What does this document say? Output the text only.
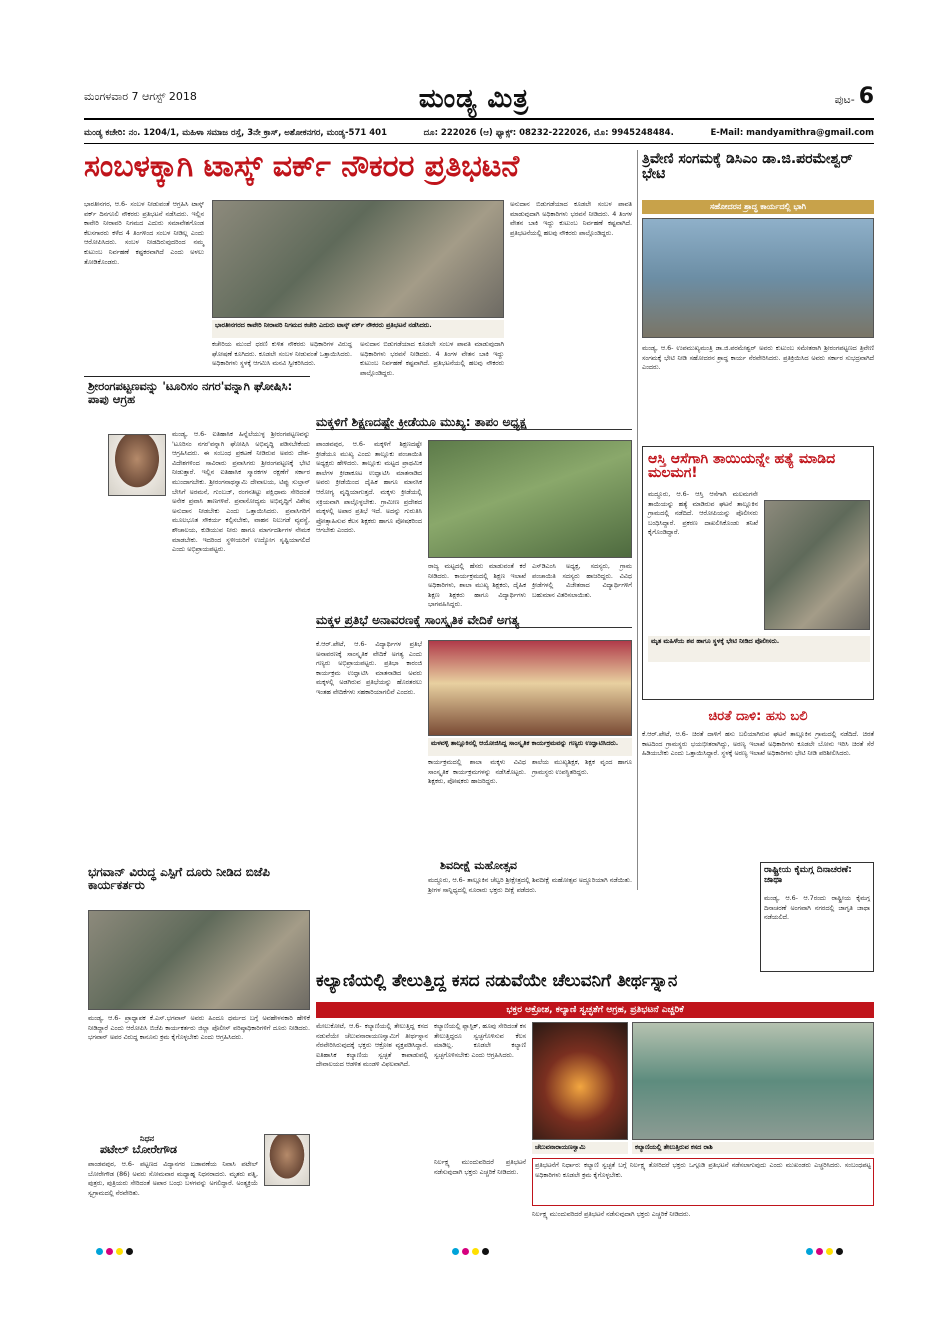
ಮಂಗಳವಾರ 7 ಆಗಸ್ಟ್ 2018	ಮಂಡ್ಯ ಮಿತ್ರ	ಪುಟ- 6
ಮಂಡ್ಯ ಕಚೇರಿ: ನಂ. 1204/1, ಮಹಿಳಾ ಸಮಾಜ ರಸ್ತೆ, 3ನೇ ಕ್ರಾಸ್, ಅಶೋಕನಗರ, ಮಂಡ್ಯ-571 401	ದೂ: 222026 (ಆ) ಫ್ಯಾಕ್ಸ್: 08232-222026, ಮೊ: 9945248484.	E-Mail: mandyamithra@gmail.com
ಸಂಬಳಕ್ಕಾಗಿ ಟಾಸ್ಕ್ ವರ್ಕ್ ನೌಕರರ ಪ್ರತಿಭಟನೆ
ಭಾರತೀನಗರ, ಆ.6- ಸಂಬಳ ನೀಡುವಂತೆ ಆಗ್ರಹಿಸಿ ಟಾಸ್ಕ್ ವರ್ಕ್ ದಿನಗೂಲಿ ನೌಕರರು ಪ್ರತಿಭಟನೆ ನಡೆಸಿದರು. ಇಲ್ಲಿನ ಕಾವೇರಿ ನೀರಾವರಿ ನಿಗಮದ ಎದುರು ಸಮಾವೇಶಗೊಂಡ ಕೆಲಸಗಾರರು ಕಳೆದ 4 ತಿಂಗಳಿಂದ ಸಂಬಳ ನೀಡಿಲ್ಲ ಎಂದು ಆರೋಪಿಸಿದರು. ಸಂಬಳ ನೀಡದಿರುವುದರಿಂದ ನಮ್ಮ ಕುಟುಂಬ ನಿರ್ವಹಣೆ ಕಷ್ಟಕರವಾಗಿದೆ ಎಂದು ಅಳಲು ತೋಡಿಕೊಂಡರು.
ಭಾರತೀನಗರದ ಕಾವೇರಿ ನೀರಾವರಿ ನಿಗಮದ ಕಚೇರಿ ಎದುರು ಟಾಸ್ಕ್ ವರ್ಕ್ ನೌಕರರು ಪ್ರತಿಭಟನೆ ನಡೆಸಿದರು.
ಕಚೇರಿಯ ಮುಂದೆ ಧರಣಿ ಕುಳಿತ ನೌಕರರು ಅಧಿಕಾರಿಗಳ ವಿರುದ್ಧ ಘೋಷಣೆ ಕೂಗಿದರು. ಕೂಡಲೇ ಸಂಬಳ ನೀಡುವಂತೆ ಒತ್ತಾಯಿಸಿದರು. ಅಧಿಕಾರಿಗಳು ಸ್ಥಳಕ್ಕೆ ಆಗಮಿಸಿ ಮನವಿ ಸ್ವೀಕರಿಸಿದರು.
ಅನುದಾನ ಬಿಡುಗಡೆಯಾದ ಕೂಡಲೇ ಸಂಬಳ ಪಾವತಿ ಮಾಡುವುದಾಗಿ ಅಧಿಕಾರಿಗಳು ಭರವಸೆ ನೀಡಿದರು. 4 ತಿಂಗಳ ವೇತನ ಬಾಕಿ ಇದ್ದು ಕುಟುಂಬ ನಿರ್ವಹಣೆ ಕಷ್ಟವಾಗಿದೆ. ಪ್ರತಿಭಟನೆಯಲ್ಲಿ ಹಲವು ನೌಕರರು ಪಾಲ್ಗೊಂಡಿದ್ದರು.
ಅನುದಾನ ಬಿಡುಗಡೆಯಾದ ಕೂಡಲೇ ಸಂಬಳ ಪಾವತಿ ಮಾಡುವುದಾಗಿ ಅಧಿಕಾರಿಗಳು ಭರವಸೆ ನೀಡಿದರು. 4 ತಿಂಗಳ ವೇತನ ಬಾಕಿ ಇದ್ದು ಕುಟುಂಬ ನಿರ್ವಹಣೆ ಕಷ್ಟವಾಗಿದೆ. ಪ್ರತಿಭಟನೆಯಲ್ಲಿ ಹಲವು ನೌಕರರು ಪಾಲ್ಗೊಂಡಿದ್ದರು.
ತ್ರಿವೇಣಿ ಸಂಗಮಕ್ಕೆ ಡಿಸಿಎಂ ಡಾ.ಜಿ.ಪರಮೇಶ್ವರ್ ಭೇಟಿ
ಸಹೋದರನ ಶ್ರಾದ್ಧ ಕಾರ್ಯದಲ್ಲಿ ಭಾಗಿ
ಮಂಡ್ಯ, ಆ.6- ಉಪಮುಖ್ಯಮಂತ್ರಿ ಡಾ.ಜಿ.ಪರಮೇಶ್ವರ್ ಅವರು ಕುಟುಂಬ ಸಮೇತರಾಗಿ ಶ್ರೀರಂಗಪಟ್ಟಣದ ತ್ರಿವೇಣಿ ಸಂಗಮಕ್ಕೆ ಭೇಟಿ ನೀಡಿ ಸಹೋದರನ ಶ್ರಾದ್ಧ ಕಾರ್ಯ ನೆರವೇರಿಸಿದರು. ಪ್ರತಿಕ್ರಿಯಿಸಿದ ಅವರು ಸರ್ಕಾರ ಸುಭದ್ರವಾಗಿದೆ ಎಂದರು.
ಶ್ರೀರಂಗಪಟ್ಟಣವನ್ನು 'ಟೂರಿಸಂ ನಗರ'ವನ್ನಾಗಿ ಘೋಷಿಸಿ: ಪಾಪು ಆಗ್ರಹ
ಮಂಡ್ಯ, ಆ.6- ಐತಿಹಾಸಿಕ ಹಿನ್ನೆಲೆಯುಳ್ಳ ಶ್ರೀರಂಗಪಟ್ಟಣವನ್ನು 'ಟೂರಿಸಂ ನಗರ'ವನ್ನಾಗಿ ಘೋಷಿಸಿ ಅಭಿವೃದ್ಧಿ ಪಡಿಸಬೇಕೆಂದು ಆಗ್ರಹಿಸಿದರು. ಈ ಸಂಬಂಧ ಪ್ರಕಟಣೆ ನೀಡಿರುವ ಅವರು ದೇಶ-ವಿದೇಶಗಳಿಂದ ಸಾವಿರಾರು ಪ್ರವಾಸಿಗರು ಶ್ರೀರಂಗಪಟ್ಟಣಕ್ಕೆ ಭೇಟಿ ನೀಡುತ್ತಾರೆ. ಇಲ್ಲಿನ ಐತಿಹಾಸಿಕ ಸ್ಮಾರಕಗಳ ರಕ್ಷಣೆಗೆ ಸರ್ಕಾರ ಮುಂದಾಗಬೇಕು. ಶ್ರೀರಂಗನಾಥಸ್ವಾಮಿ ದೇವಾಲಯ, ಟಿಪ್ಪು ಸುಲ್ತಾನ್ ಬೇಸಿಗೆ ಅರಮನೆ, ಗುಂಬಜ್, ರಂಗನತಿಟ್ಟು ಪಕ್ಷಿಧಾಮ ಸೇರಿದಂತೆ ಅನೇಕ ಪ್ರವಾಸಿ ತಾಣಗಳಿವೆ. ಪ್ರವಾಸೋದ್ಯಮ ಅಭಿವೃದ್ಧಿಗೆ ವಿಶೇಷ ಅನುದಾನ ನೀಡಬೇಕು ಎಂದು ಒತ್ತಾಯಿಸಿದರು. ಪ್ರವಾಸಿಗರಿಗೆ ಮೂಲಭೂತ ಸೌಕರ್ಯ ಕಲ್ಪಿಸಬೇಕು, ವಾಹನ ನಿಲುಗಡೆ ವ್ಯವಸ್ಥೆ, ಶೌಚಾಲಯ, ಕುಡಿಯುವ ನೀರು ಹಾಗೂ ಮಾರ್ಗದರ್ಶಿಗಳ ನೇಮಕ ಮಾಡಬೇಕು. ಇದರಿಂದ ಸ್ಥಳೀಯರಿಗೆ ಉದ್ಯೋಗ ಸೃಷ್ಟಿಯಾಗಲಿದೆ ಎಂದು ಅಭಿಪ್ರಾಯಪಟ್ಟರು.
ಮಕ್ಕಳಿಗೆ ಶಿಕ್ಷಣದಷ್ಟೇ ಕ್ರೀಡೆಯೂ ಮುಖ್ಯ: ತಾಪಂ ಅಧ್ಯಕ್ಷ
ಪಾಂಡವಪುರ, ಆ.6- ಮಕ್ಕಳಿಗೆ ಶಿಕ್ಷಣದಷ್ಟೇ ಕ್ರೀಡೆಯೂ ಮುಖ್ಯ ಎಂದು ತಾಲ್ಲೂಕು ಪಂಚಾಯಿತಿ ಅಧ್ಯಕ್ಷರು ಹೇಳಿದರು. ತಾಲ್ಲೂಕು ಮಟ್ಟದ ಪ್ರಾಥಮಿಕ ಶಾಲೆಗಳ ಕ್ರೀಡಾಕೂಟ ಉದ್ಘಾಟಿಸಿ ಮಾತನಾಡಿದ ಅವರು ಕ್ರೀಡೆಯಿಂದ ದೈಹಿಕ ಹಾಗೂ ಮಾನಸಿಕ ಆರೋಗ್ಯ ವೃದ್ಧಿಯಾಗುತ್ತದೆ. ಮಕ್ಕಳು ಕ್ರೀಡೆಯಲ್ಲಿ ಸಕ್ರಿಯವಾಗಿ ಪಾಲ್ಗೊಳ್ಳಬೇಕು. ಗ್ರಾಮೀಣ ಪ್ರದೇಶದ ಮಕ್ಕಳಲ್ಲಿ ಅಪಾರ ಪ್ರತಿಭೆ ಇದೆ. ಅದನ್ನು ಗುರುತಿಸಿ ಪ್ರೋತ್ಸಾಹಿಸುವ ಕೆಲಸ ಶಿಕ್ಷಕರು ಹಾಗೂ ಪೋಷಕರಿಂದ ಆಗಬೇಕು ಎಂದರು.
ರಾಜ್ಯ ಮಟ್ಟದಲ್ಲಿ ಹೆಸರು ಮಾಡುವಂತೆ ಕರೆ ನೀಡಿದರು. ಕಾರ್ಯಕ್ರಮದಲ್ಲಿ ಶಿಕ್ಷಣ ಇಲಾಖೆ ಅಧಿಕಾರಿಗಳು, ಶಾಲಾ ಮುಖ್ಯ ಶಿಕ್ಷಕರು, ದೈಹಿಕ ಶಿಕ್ಷಣ ಶಿಕ್ಷಕರು ಹಾಗೂ ವಿದ್ಯಾರ್ಥಿಗಳು ಭಾಗವಹಿಸಿದ್ದರು.
ಎಸ್‌ಡಿಎಂಸಿ ಅಧ್ಯಕ್ಷ, ಸದಸ್ಯರು, ಗ್ರಾಮ ಪಂಚಾಯಿತಿ ಸದಸ್ಯರು ಹಾಜರಿದ್ದರು. ವಿವಿಧ ಕ್ರೀಡೆಗಳಲ್ಲಿ ವಿಜೇತರಾದ ವಿದ್ಯಾರ್ಥಿಗಳಿಗೆ ಬಹುಮಾನ ವಿತರಿಸಲಾಯಿತು.
ಆಸ್ತಿ ಆಸೆಗಾಗಿ ತಾಯಿಯನ್ನೇ ಹತ್ಯೆ ಮಾಡಿದ ಮಲಮಗ!
ಮದ್ದೂರು, ಆ.6- ಆಸ್ತಿ ಆಸೆಗಾಗಿ ಮಲಮಗನೇ ತಾಯಿಯನ್ನು ಹತ್ಯೆ ಮಾಡಿರುವ ಘಟನೆ ತಾಲ್ಲೂಕಿನ ಗ್ರಾಮದಲ್ಲಿ ನಡೆದಿದೆ. ಆರೋಪಿಯನ್ನು ಪೊಲೀಸರು ಬಂಧಿಸಿದ್ದಾರೆ. ಪ್ರಕರಣ ದಾಖಲಿಸಿಕೊಂಡು ತನಿಖೆ ಕೈಗೊಂಡಿದ್ದಾರೆ.
ಮೃತ ಮಹಿಳೆಯ ಶವ ಹಾಗೂ ಸ್ಥಳಕ್ಕೆ ಭೇಟಿ ನೀಡಿದ ಪೊಲೀಸರು.
ಮಕ್ಕಳ ಪ್ರತಿಭೆ ಅನಾವರಣಕ್ಕೆ ಸಾಂಸ್ಕೃತಿಕ ವೇದಿಕೆ ಅಗತ್ಯ
ಕೆ.ಆರ್.ಪೇಟೆ, ಆ.6- ವಿದ್ಯಾರ್ಥಿಗಳ ಪ್ರತಿಭೆ ಅನಾವರಣಕ್ಕೆ ಸಾಂಸ್ಕೃತಿಕ ವೇದಿಕೆ ಅಗತ್ಯ ಎಂದು ಗಣ್ಯರು ಅಭಿಪ್ರಾಯಪಟ್ಟರು. ಪ್ರತಿಭಾ ಕಾರಂಜಿ ಕಾರ್ಯಕ್ರಮ ಉದ್ಘಾಟಿಸಿ ಮಾತನಾಡಿದ ಅವರು ಮಕ್ಕಳಲ್ಲಿ ಅಡಗಿರುವ ಪ್ರತಿಭೆಯನ್ನು ಹೊರತರಲು ಇಂತಹ ವೇದಿಕೆಗಳು ಸಹಕಾರಿಯಾಗಲಿವೆ ಎಂದರು.
ಮಳವಳ್ಳಿ ತಾಲ್ಲೂಕಿನಲ್ಲಿ ಆಯೋಜಿಸಿದ್ದ ಸಾಂಸ್ಕೃತಿಕ ಕಾರ್ಯಕ್ರಮವನ್ನು ಗಣ್ಯರು ಉದ್ಘಾಟಿಸಿದರು.
ಕಾರ್ಯಕ್ರಮದಲ್ಲಿ ಶಾಲಾ ಮಕ್ಕಳು ವಿವಿಧ ಸಾಂಸ್ಕೃತಿಕ ಕಾರ್ಯಕ್ರಮಗಳನ್ನು ನಡೆಸಿಕೊಟ್ಟರು. ಶಿಕ್ಷಕರು, ಪೋಷಕರು ಹಾಜರಿದ್ದರು.
ಶಾಲೆಯ ಮುಖ್ಯಶಿಕ್ಷಕ, ಶಿಕ್ಷಕ ವೃಂದ ಹಾಗೂ ಗ್ರಾಮಸ್ಥರು ಉಪಸ್ಥಿತರಿದ್ದರು.
ಚಿರತೆ ದಾಳಿ: ಹಸು ಬಲಿ
ಕೆ.ಆರ್.ಪೇಟೆ, ಆ.6- ಚಿರತೆ ದಾಳಿಗೆ ಹಸು ಬಲಿಯಾಗಿರುವ ಘಟನೆ ತಾಲ್ಲೂಕಿನ ಗ್ರಾಮದಲ್ಲಿ ನಡೆದಿದೆ. ಚಿರತೆ ಕಾಟದಿಂದ ಗ್ರಾಮಸ್ಥರು ಭಯಭೀತರಾಗಿದ್ದು, ಅರಣ್ಯ ಇಲಾಖೆ ಅಧಿಕಾರಿಗಳು ಕೂಡಲೇ ಬೋನು ಇರಿಸಿ ಚಿರತೆ ಸೆರೆ ಹಿಡಿಯಬೇಕು ಎಂದು ಒತ್ತಾಯಿಸಿದ್ದಾರೆ. ಸ್ಥಳಕ್ಕೆ ಅರಣ್ಯ ಇಲಾಖೆ ಅಧಿಕಾರಿಗಳು ಭೇಟಿ ನೀಡಿ ಪರಿಶೀಲಿಸಿದರು.
ಶಿವದೀಕ್ಷೆ ಮಹೋತ್ಸವ
ಮದ್ದೂರು, ಆ.6- ತಾಲ್ಲೂಕಿನ ಚೆಲ್ವರಿ ಶ್ರೀಕ್ಷೇತ್ರದಲ್ಲಿ ಶಿವದೀಕ್ಷೆ ಮಹೋತ್ಸವ ಅದ್ದೂರಿಯಾಗಿ ನಡೆಯಿತು. ಶ್ರೀಗಳ ಸಾನ್ನಿಧ್ಯದಲ್ಲಿ ನೂರಾರು ಭಕ್ತರು ದೀಕ್ಷೆ ಪಡೆದರು.
ರಾಷ್ಟ್ರೀಯ ಕೈಮಗ್ಗ ದಿನಾಚರಣೆ: ಜಾಥಾ
ಮಂಡ್ಯ, ಆ.6- ಆ.7ರಂದು ರಾಷ್ಟ್ರೀಯ ಕೈಮಗ್ಗ ದಿನಾಚರಣೆ ಅಂಗವಾಗಿ ನಗರದಲ್ಲಿ ಜಾಗೃತಿ ಜಾಥಾ ನಡೆಯಲಿದೆ.
ಭಗವಾನ್ ವಿರುದ್ಧ ಎಸ್ಪಿಗೆ ದೂರು ನೀಡಿದ ಬಿಜೆಪಿ ಕಾರ್ಯಕರ್ತರು
ಮಂಡ್ಯ, ಆ.6- ಪ್ರಾಧ್ಯಾಪಕ ಕೆ.ಎಸ್.ಭಗವಾನ್ ಅವರು ಹಿಂದೂ ಧರ್ಮದ ಬಗ್ಗೆ ಅವಹೇಳನಕಾರಿ ಹೇಳಿಕೆ ನೀಡಿದ್ದಾರೆ ಎಂದು ಆರೋಪಿಸಿ ಬಿಜೆಪಿ ಕಾರ್ಯಕರ್ತರು ಜಿಲ್ಲಾ ಪೊಲೀಸ್ ವರಿಷ್ಠಾಧಿಕಾರಿಗಳಿಗೆ ದೂರು ನೀಡಿದರು. ಭಗವಾನ್ ಅವರ ವಿರುದ್ಧ ಕಾನೂನು ಕ್ರಮ ಕೈಗೊಳ್ಳಬೇಕು ಎಂದು ಆಗ್ರಹಿಸಿದರು.
ನಿಧನ
ಪಟೇಲ್ ಬೋರೇಗೌಡ
ಪಾಂಡವಪುರ, ಆ.6- ಪಟ್ಟಣದ ವಿದ್ಯಾನಗರ ಬಡಾವಣೆಯ ನಿವಾಸಿ ಪಟೇಲ್ ಬೋರೇಗೌಡ (86) ಅವರು ಸೋಮವಾರ ಮಧ್ಯಾಹ್ನ ನಿಧನರಾದರು. ಮೃತರು ಪತ್ನಿ, ಪುತ್ರರು, ಪುತ್ರಿಯರು ಸೇರಿದಂತೆ ಅಪಾರ ಬಂಧು ಬಳಗವನ್ನು ಅಗಲಿದ್ದಾರೆ. ಅಂತ್ಯಕ್ರಿಯೆ ಸ್ವಗ್ರಾಮದಲ್ಲಿ ನೆರವೇರಿತು.
ಕಲ್ಯಾಣಿಯಲ್ಲಿ ತೇಲುತ್ತಿದ್ದ ಕಸದ ನಡುವೆಯೇ ಚೆಲುವನಿಗೆ ತೀರ್ಥಸ್ನಾನ
ಭಕ್ತರ ಆಕ್ರೋಶ, ಕಲ್ಯಾಣಿ ಸ್ವಚ್ಛತೆಗೆ ಆಗ್ರಹ, ಪ್ರತಿಭಟನೆ ಎಚ್ಚರಿಕೆ
ಮೇಲುಕೋಟೆ, ಆ.6- ಕಲ್ಯಾಣಿಯಲ್ಲಿ ತೇಲುತ್ತಿದ್ದ ಕಸದ ನಡುವೆಯೇ ಚೆಲುವನಾರಾಯಣಸ್ವಾಮಿಗೆ ತೀರ್ಥಸ್ನಾನ ನೆರವೇರಿಸಿರುವುದಕ್ಕೆ ಭಕ್ತರು ಆಕ್ರೋಶ ವ್ಯಕ್ತಪಡಿಸಿದ್ದಾರೆ. ಐತಿಹಾಸಿಕ ಕಲ್ಯಾಣಿಯ ಸ್ವಚ್ಛತೆ ಕಾಪಾಡುವಲ್ಲಿ ದೇವಾಲಯದ ಆಡಳಿತ ಮಂಡಳಿ ವಿಫಲವಾಗಿದೆ.
ಕಲ್ಯಾಣಿಯಲ್ಲಿ ಪ್ಲಾಸ್ಟಿಕ್, ಹೂವು ಸೇರಿದಂತೆ ಕಸ ತೇಲುತ್ತಿದ್ದರೂ ಸ್ವಚ್ಛಗೊಳಿಸುವ ಕೆಲಸ ಮಾಡಿಲ್ಲ. ಕೂಡಲೇ ಕಲ್ಯಾಣಿ ಸ್ವಚ್ಛಗೊಳಿಸಬೇಕು ಎಂದು ಆಗ್ರಹಿಸಿದರು.
ಚೆಲುವನಾರಾಯಣಸ್ವಾಮಿ	ಕಲ್ಯಾಣಿಯಲ್ಲಿ ತೇಲುತ್ತಿರುವ ಕಸದ ರಾಶಿ
ಪ್ರತಿಭಟನೆಗೆ ನಿರ್ಧಾರ: ಕಲ್ಯಾಣಿ ಸ್ವಚ್ಛತೆ ಬಗ್ಗೆ ನಿರ್ಲಕ್ಷ್ಯ ತೋರಿದರೆ ಭಕ್ತರು ಒಗ್ಗೂಡಿ ಪ್ರತಿಭಟನೆ ನಡೆಸಲಾಗುವುದು ಎಂದು ಮುಖಂಡರು ಎಚ್ಚರಿಸಿದರು. ಸಂಬಂಧಪಟ್ಟ ಅಧಿಕಾರಿಗಳು ಕೂಡಲೇ ಕ್ರಮ ಕೈಗೊಳ್ಳಬೇಕು.
ನಿರ್ಲಕ್ಷ್ಯ ಮುಂದುವರಿದರೆ ಪ್ರತಿಭಟನೆ ನಡೆಸುವುದಾಗಿ ಭಕ್ತರು ಎಚ್ಚರಿಕೆ ನೀಡಿದರು.
ನಿರ್ಲಕ್ಷ್ಯ ಮುಂದುವರಿದರೆ ಪ್ರತಿಭಟನೆ ನಡೆಸುವುದಾಗಿ ಭಕ್ತರು ಎಚ್ಚರಿಕೆ ನೀಡಿದರು.
